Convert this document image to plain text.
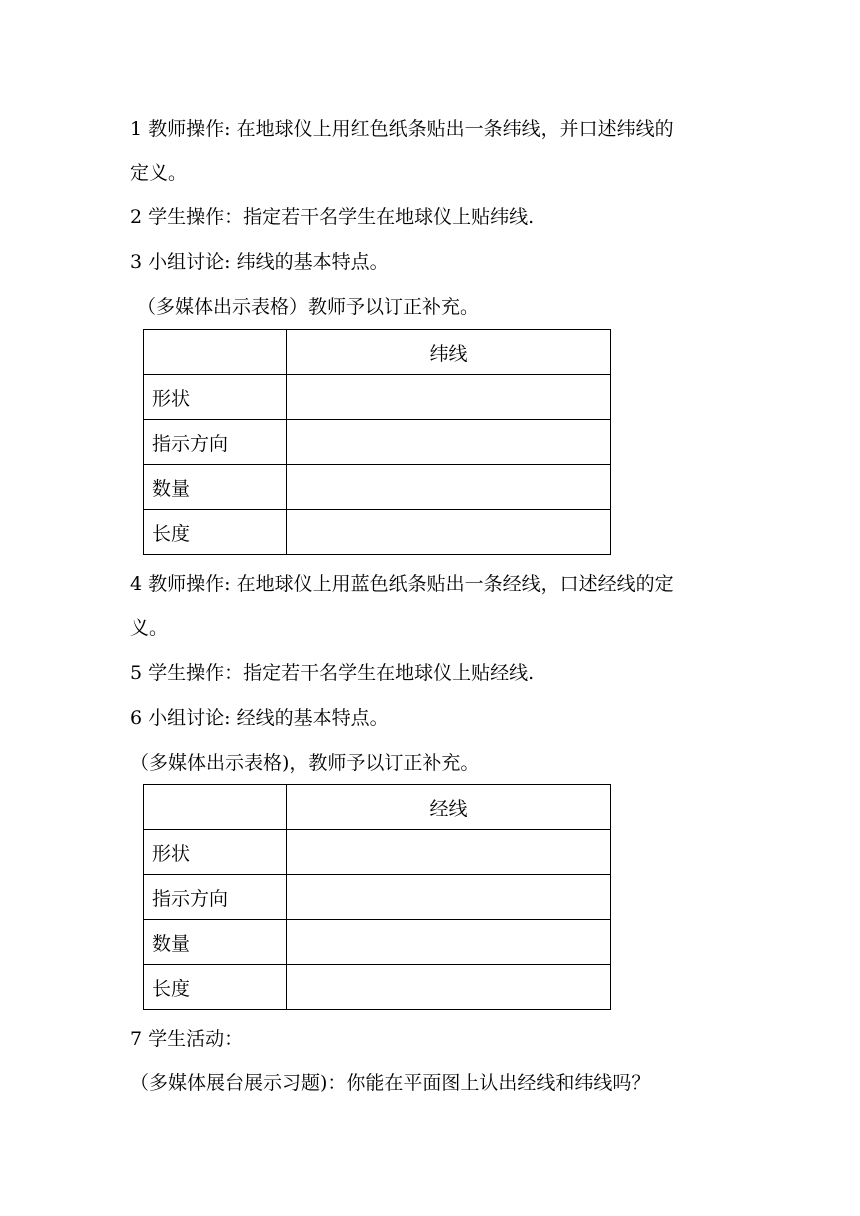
1 教师操作: 在地球仪上用红色纸条贴出一条纬线，并口述纬线的
定义。
2 学生操作：指定若干名学生在地球仪上贴纬线.
3 小组讨论: 纬线的基本特点。
（多媒体出示表格）教师予以订正补充。
	纬线
形状	
指示方向	
数量	
长度	
4 教师操作: 在地球仪上用蓝色纸条贴出一条经线，口述经线的定
义。
5 学生操作：指定若干名学生在地球仪上贴经线.
6 小组讨论: 经线的基本特点。
（多媒体出示表格)，教师予以订正补充。
	经线
形状	
指示方向	
数量	
长度	
7 学生活动：
（多媒体展台展示习题)：你能在平面图上认出经线和纬线吗？
